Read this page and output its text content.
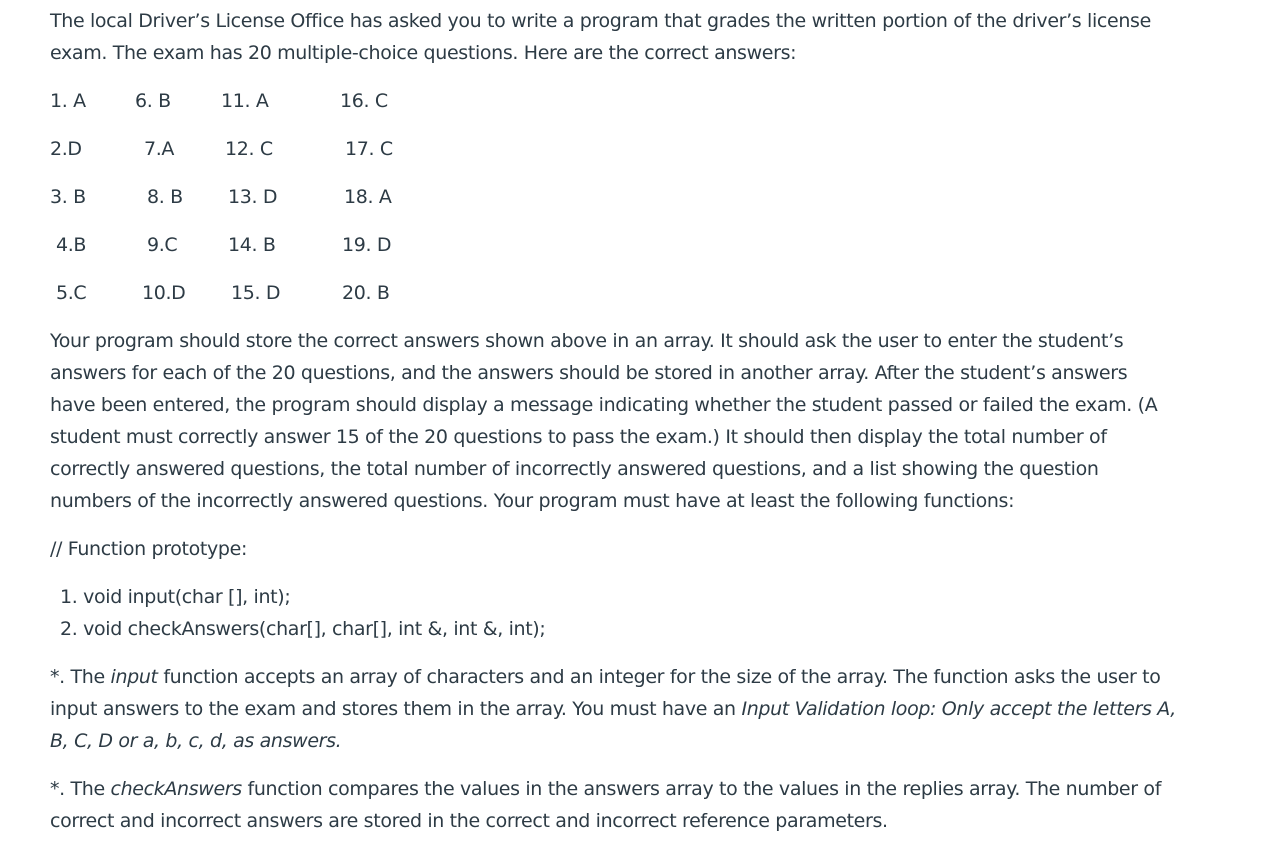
The local Driver’s License Office has asked you to write a program that grades the written portion of the driver’s license
exam. The exam has 20 multiple-choice questions. Here are the correct answers:
1. A	6. B	11. A	16. C
2.D	7.A	12. C	17. C
3. B	8. B 13. D	18. A
4.B	9.C	14. B	19. D
5.C	10.D 15. D	20. B
Your program should store the correct answers shown above in an array. It should ask the user to enter the student’s
answers for each of the 20 questions, and the answers should be stored in another array. After the student’s answers
have been entered, the program should display a message indicating whether the student passed or failed the exam. (A
student must correctly answer 15 of the 20 questions to pass the exam.) It should then display the total number of
correctly answered questions, the total number of incorrectly answered questions, and a list showing the question
numbers of the incorrectly answered questions. Your program must have at least the following functions:
// Function prototype:
1. void input(char [], int);
2. void checkAnswers(char[], char[], int &, int &, int);
*. The input function accepts an array of characters and an integer for the size of the array. The function asks the user to
input answers to the exam and stores them in the array. You must have an Input Validation loop: Only accept the letters A,
B, C, D or a, b, c, d, as answers.
*. The checkAnswers function compares the values in the answers array to the values in the replies array. The number of
correct and incorrect answers are stored in the correct and incorrect reference parameters.
